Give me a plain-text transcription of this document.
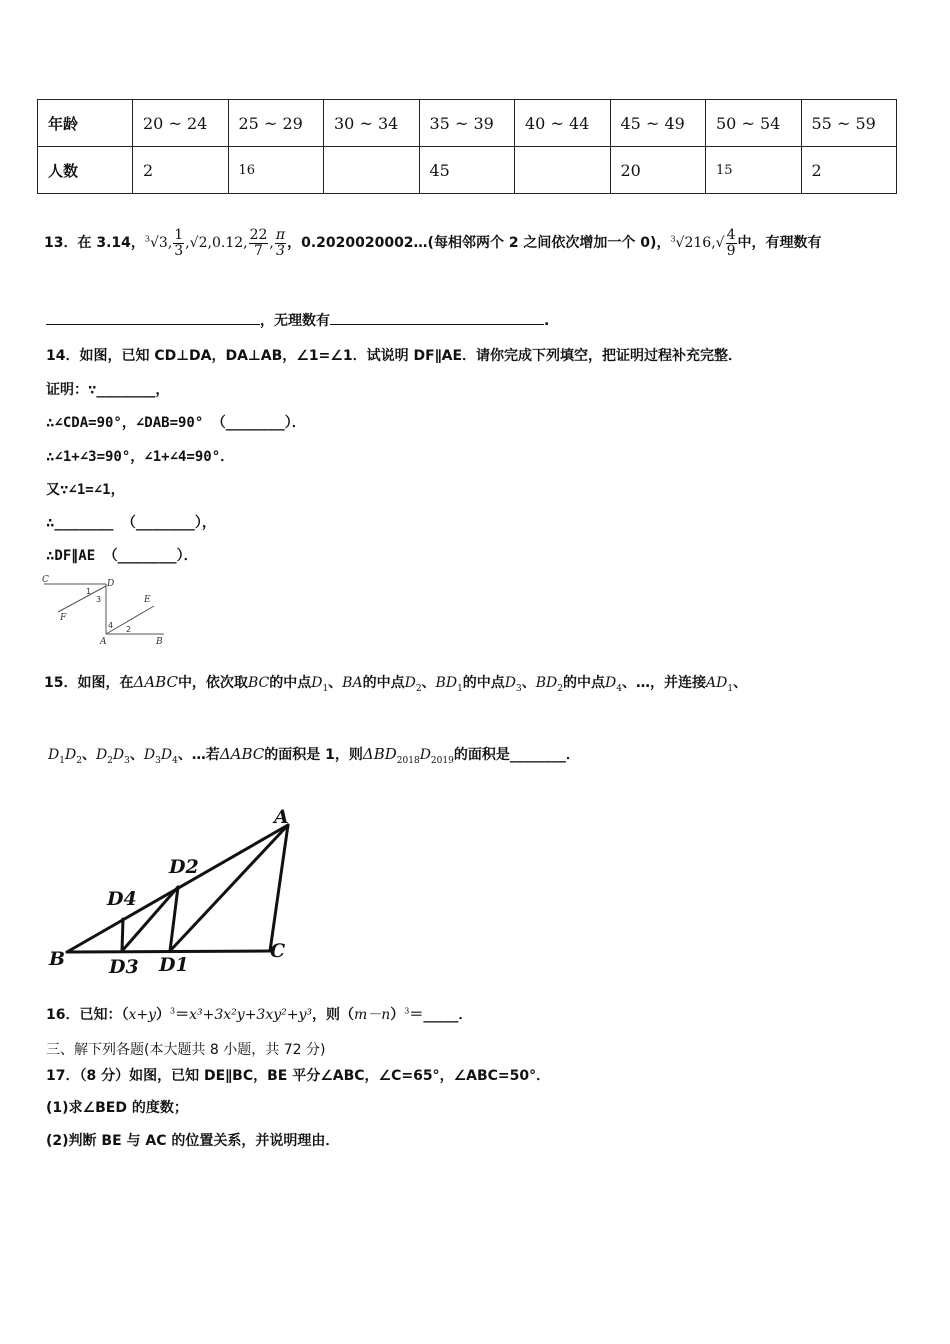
年龄	20 ~ 24	25 ~ 29	30 ~ 34	35 ~ 39	40 ~ 44	45 ~ 49	50 ~ 54	55 ~ 59
人数	2	16		45		20	15	2
13．在 3.14，$^3$√3, $\frac{1}{3} ,√2,0.12$, $\frac{22}{7}$ , $\frac{\pi}{3}$ ，0.2020020002…(每相邻两个 2 之间依次增加一个 0)，$^3√216,√ \frac{4}{9}$ 中，有理数有
，无理数有	.
14．如图，已知 CD⊥DA，DA⊥AB，∠1=∠1．试说明 DF∥AE．请你完成下列填空，把证明过程补充完整．
证明：∵_______，
∴∠CDA=90°，∠DAB=90° （_______）．
∴∠1+∠3=90°，∠1+∠4=90°．
又∵∠1=∠1，
∴_______ （_______），
∴DF∥AE （_______）．
C	D
F
E
A	B
1
3
4 2
15．如图，在ΔABC中，依次取BC的中点$D_1$、BA的中点$D_2$、$BD_1$的中点$D_3$、$BD_2$的中点$D_4$、…，并连接$AD_1$、
$D_1D_2$、$D_2D_3$、$D_3D_4$、…若ΔABC的面积是 1，则$\Delta BD_{2018}D_{2019}$的面积是________．
A
D2
D4
B D3 D1
C
16．已知：$(x+y)^3=x^3+3x^2y+3xy^2+y^3$，则$(m-n)^3=\_\_\_\_\_$．
三、解下列各题(本大题共 8 小题，共 72 分)
17．（8 分）如图，已知 DE∥BC，BE 平分∠ABC，∠C=65°，∠ABC=50°．
(1)求∠BED 的度数；
(2)判断 BE 与 AC 的位置关系，并说明理由．
